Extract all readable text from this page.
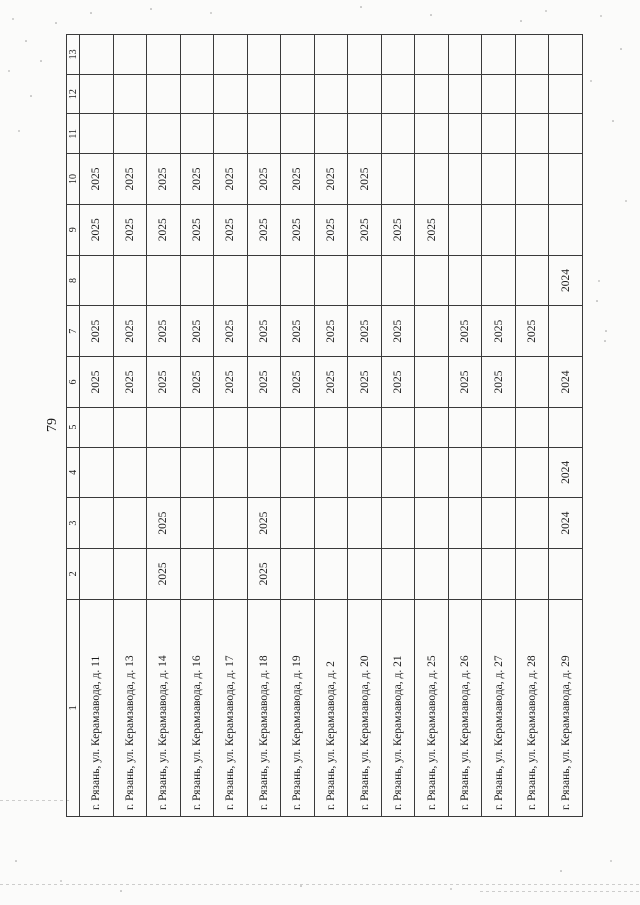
79
1	2	3	4	5	6	7	8	9	10	11	12	13
г. Рязань, ул. Керамзавода, д. 11					2025	2025		2025	2025			
г. Рязань, ул. Керамзавода, д. 13					2025	2025		2025	2025			
г. Рязань, ул. Керамзавода, д. 14	2025	2025			2025	2025		2025	2025			
г. Рязань, ул. Керамзавода, д. 16					2025	2025		2025	2025			
г. Рязань, ул. Керамзавода, д. 17					2025	2025		2025	2025			
г. Рязань, ул. Керамзавода, д. 18	2025	2025			2025	2025		2025	2025			
г. Рязань, ул. Керамзавода, д. 19					2025	2025		2025	2025			
г. Рязань, ул. Керамзавода, д. 2					2025	2025		2025	2025			
г. Рязань, ул. Керамзавода, д. 20					2025	2025		2025	2025			
г. Рязань, ул. Керамзавода, д. 21					2025	2025		2025				
г. Рязань, ул. Керамзавода, д. 25								2025				
г. Рязань, ул. Керамзавода, д. 26					2025	2025						
г. Рязань, ул. Керамзавода, д. 27					2025	2025						
г. Рязань, ул. Керамзавода, д. 28						2025						
г. Рязань, ул. Керамзавода, д. 29		2024	2024		2024		2024					
